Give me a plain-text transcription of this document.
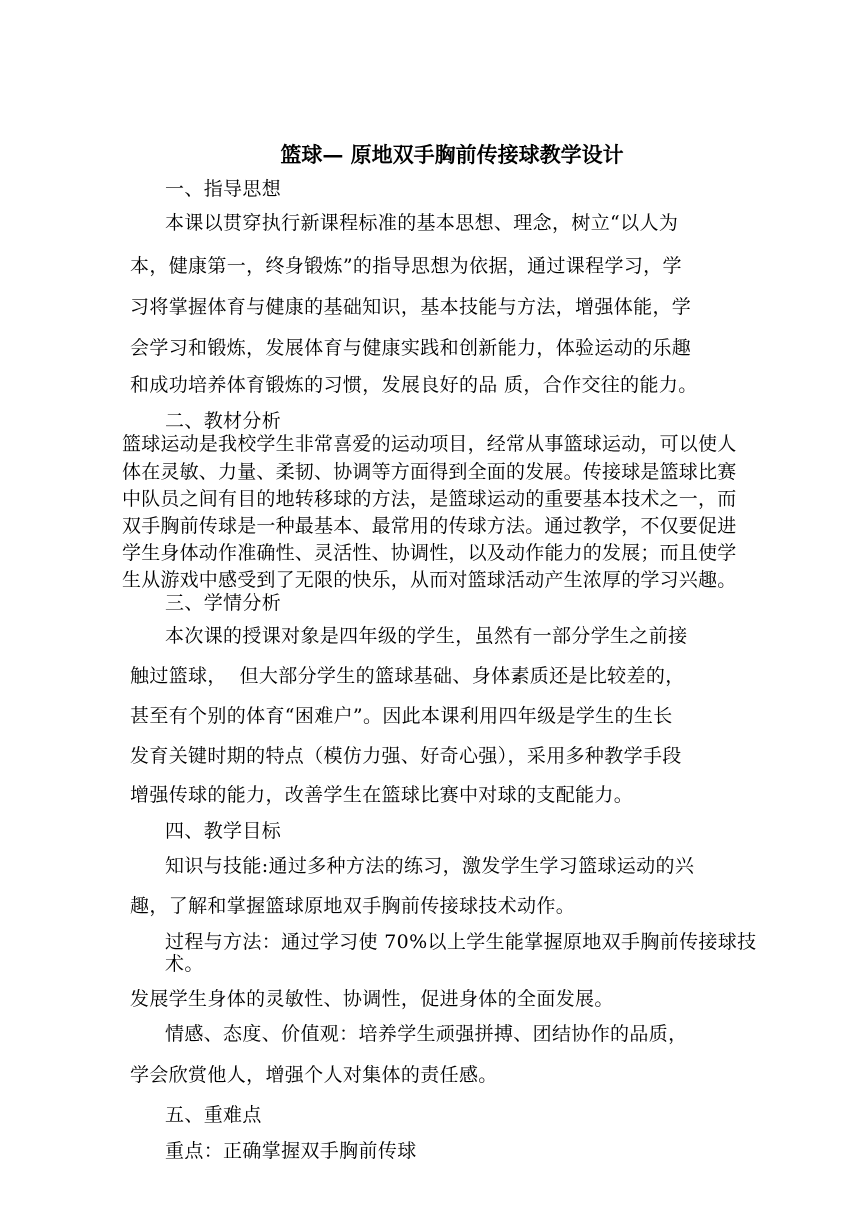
篮球— 原地双手胸前传接球教学设计
一、指导思想
本课以贯穿执行新课程标准的基本思想、理念，树立“以人为
本，健康第一，终身锻炼”的指导思想为依据，通过课程学习，学
习将掌握体育与健康的基础知识，基本技能与方法，增强体能，学
会学习和锻炼，发展体育与健康实践和创新能力，体验运动的乐趣
和成功培养体育锻炼的习惯，发展良好的品 质，合作交往的能力。
二、教材分析
篮球运动是我校学生非常喜爱的运动项目，经常从事篮球运动，可以使人
体在灵敏、力量、柔韧、协调等方面得到全面的发展。传接球是篮球比赛
中队员之间有目的地转移球的方法，是篮球运动的重要基本技术之一，而
双手胸前传球是一种最基本、最常用的传球方法。通过教学，不仅要促进
学生身体动作准确性、灵活性、协调性，以及动作能力的发展；而且使学
生从游戏中感受到了无限的快乐，从而对篮球活动产生浓厚的学习兴趣。
三、学情分析
本次课的授课对象是四年级的学生，虽然有一部分学生之前接
触过篮球，  但大部分学生的篮球基础、身体素质还是比较差的，
甚至有个别的体育“困难户”。因此本课利用四年级是学生的生长
发育关键时期的特点（模仿力强、好奇心强），采用多种教学手段
增强传球的能力，改善学生在篮球比赛中对球的支配能力。
四、教学目标
知识与技能:通过多种方法的练习，激发学生学习篮球运动的兴
趣，了解和掌握篮球原地双手胸前传接球技术动作。
过程与方法：通过学习使 70%以上学生能掌握原地双手胸前传接球技
术。
发展学生身体的灵敏性、协调性，促进身体的全面发展。
情感、态度、价值观：培养学生顽强拼搏、团结协作的品质，
学会欣赏他人，增强个人对集体的责任感。
五、重难点
重点：正确掌握双手胸前传球
